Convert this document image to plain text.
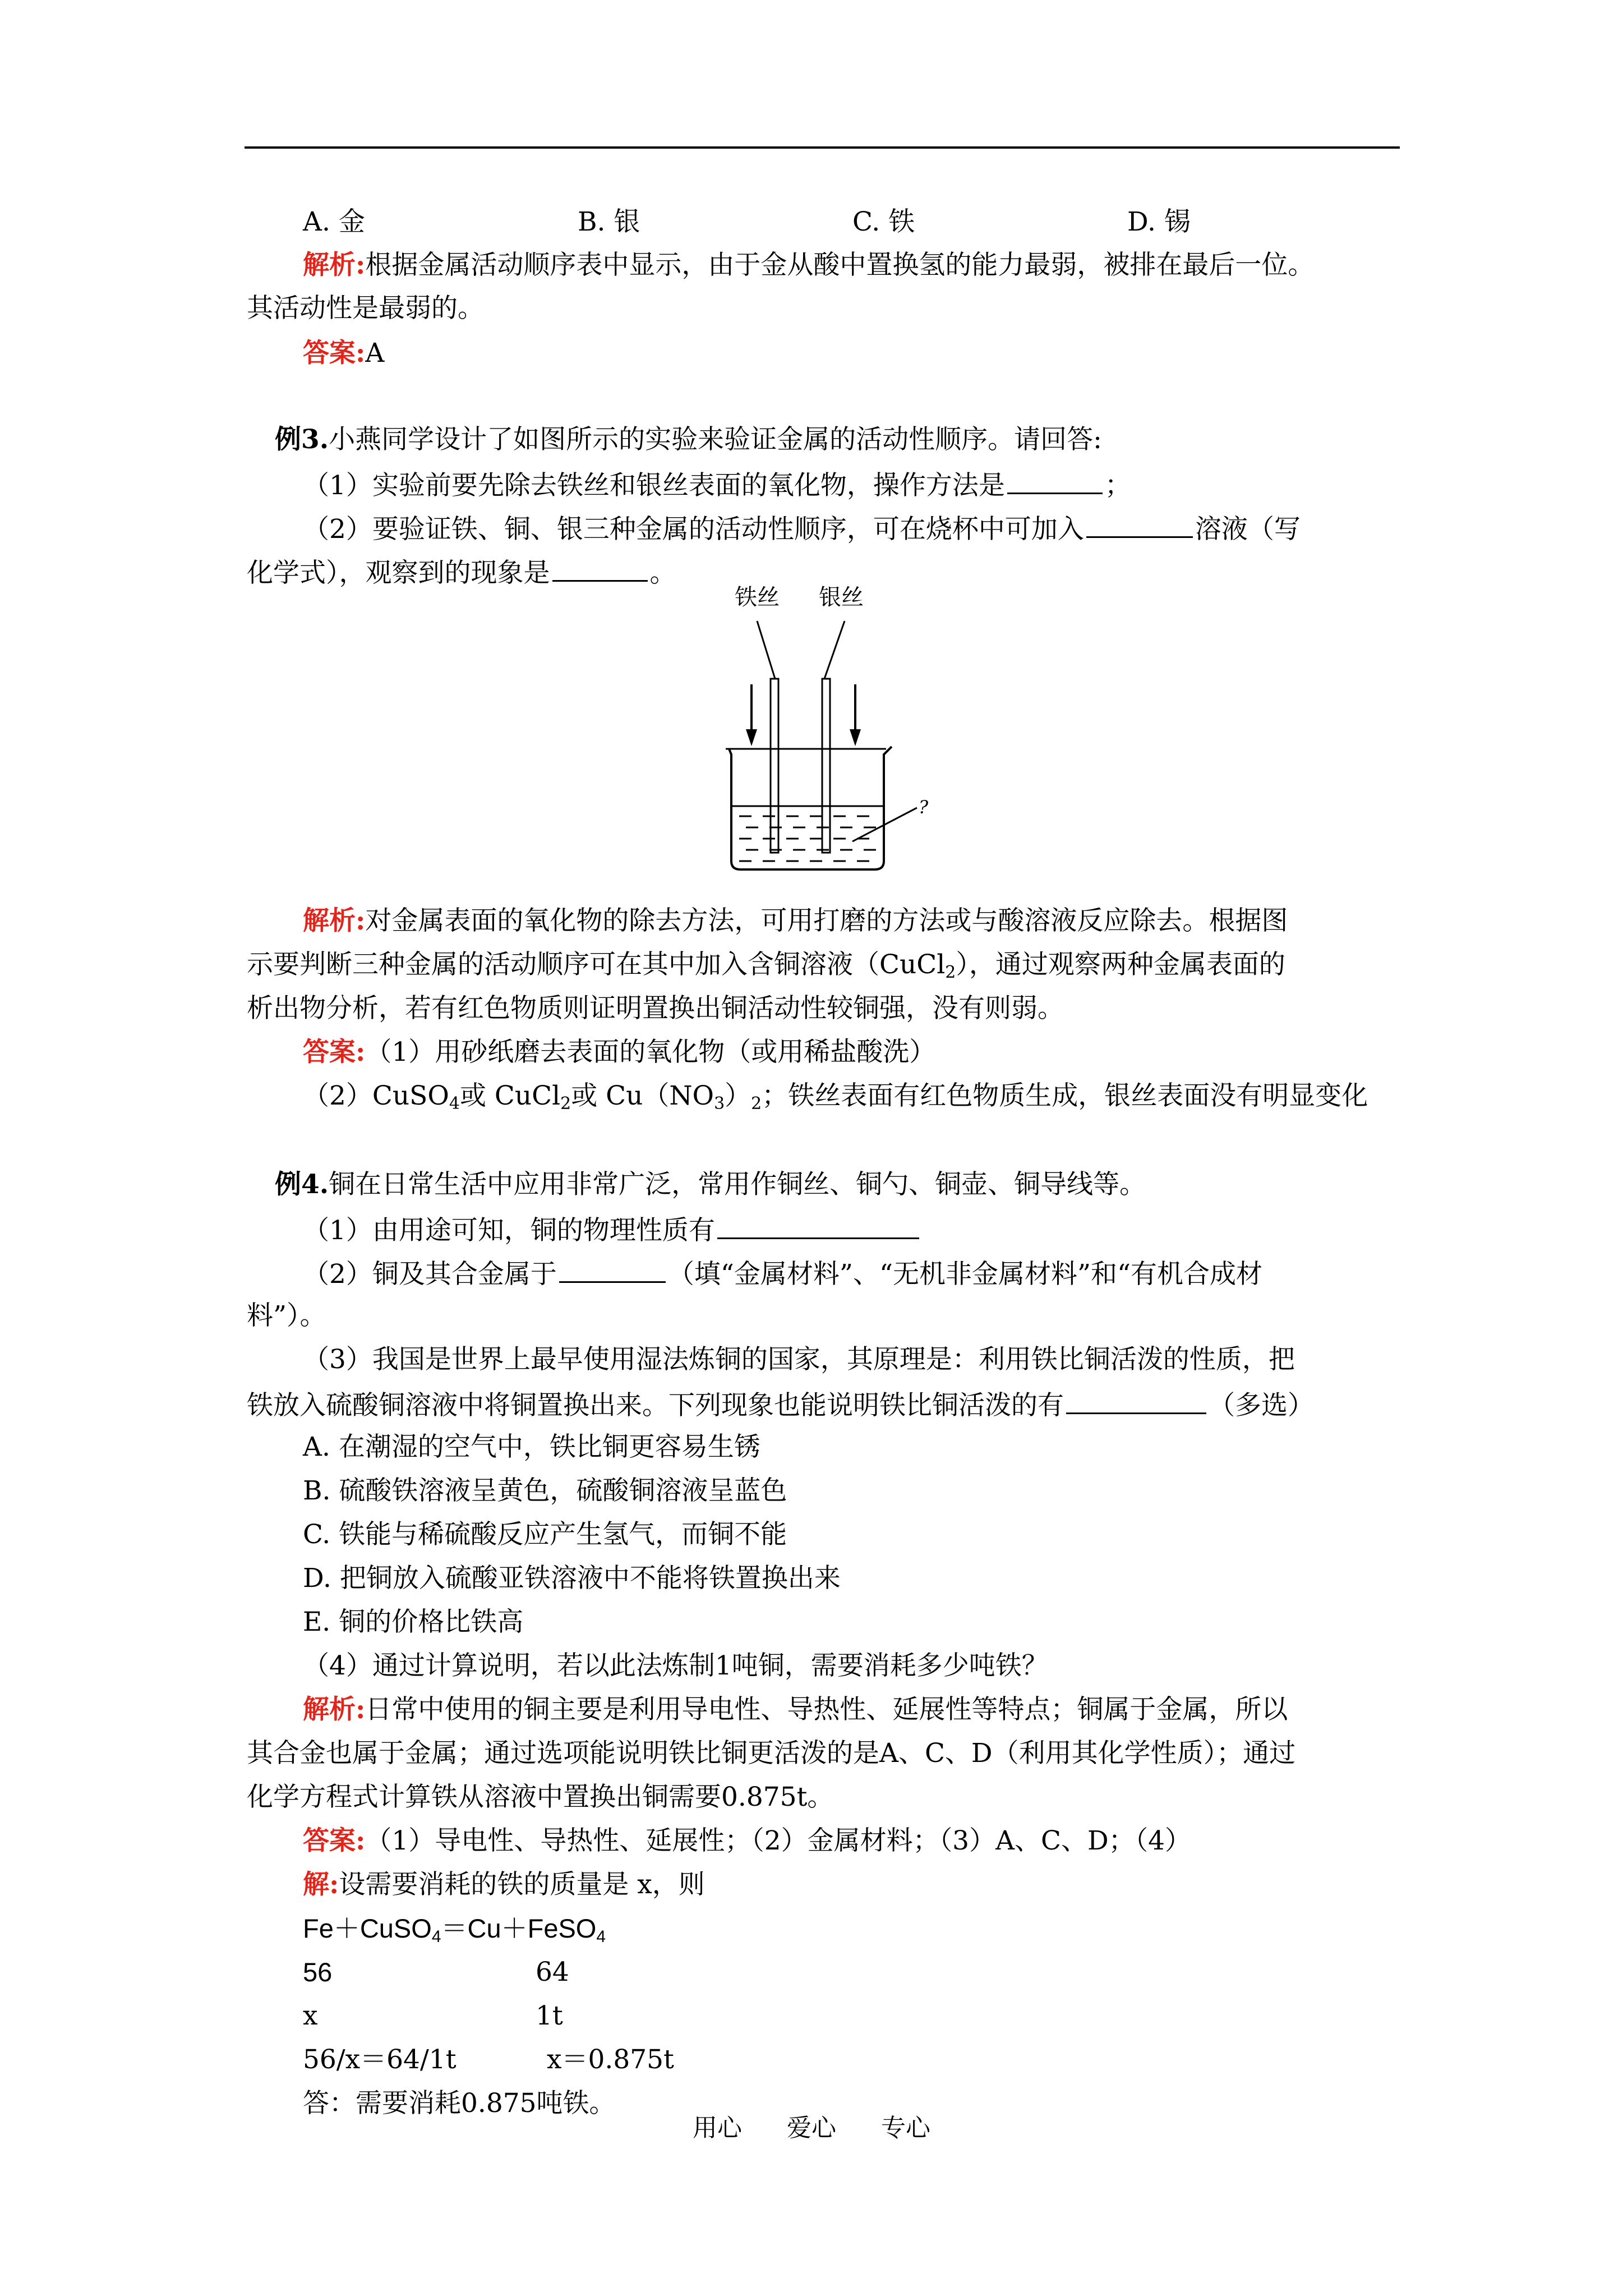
A. 金	B. 银	C. 铁	D. 锡
解析:根据金属活动顺序表中显示，由于金从酸中置换氢的能力最弱，被排在最后一位。
其活动性是最弱的。
答案:A
例3.小燕同学设计了如图所示的实验来验证金属的活动性顺序。请回答:
（1）实验前要先除去铁丝和银丝表面的氧化物，操作方法是	；
（2）要验证铁、铜、银三种金属的活动性顺序，可在烧杯中可加入	溶液（写
化学式），观察到的现象是	。
铁丝 银丝
?
解析:对金属表面的氧化物的除去方法，可用打磨的方法或与酸溶液反应除去。根据图
示要判断三种金属的活动顺序可在其中加入含铜溶液（CuCl$_2$），通过观察两种金属表面的
析出物分析，若有红色物质则证明置换出铜活动性较铜强，没有则弱。
答案:（1）用砂纸磨去表面的氧化物（或用稀盐酸洗）
（2）CuSO$_4$或 CuCl$_2$或 $Cu(NO_3)_2$；铁丝表面有红色物质生成，银丝表面没有明显变化
例4.铜在日常生活中应用非常广泛，常用作铜丝、铜勺、铜壶、铜导线等。
（1）由用途可知，铜的物理性质有
（2）铜及其合金属于	（填“金属材料”、“无机非金属材料”和“有机合成材
料”）。
（3）我国是世界上最早使用湿法炼铜的国家，其原理是：利用铁比铜活泼的性质，把
铁放入硫酸铜溶液中将铜置换出来。下列现象也能说明铁比铜活泼的有	（多选）
A. 在潮湿的空气中，铁比铜更容易生锈
B. 硫酸铁溶液呈黄色，硫酸铜溶液呈蓝色
C. 铁能与稀硫酸反应产生氢气，而铜不能
D. 把铜放入硫酸亚铁溶液中不能将铁置换出来
E. 铜的价格比铁高
（4）通过计算说明，若以此法炼制1吨铜，需要消耗多少吨铁？
解析:日常中使用的铜主要是利用导电性、导热性、延展性等特点；铜属于金属，所以
其合金也属于金属；通过选项能说明铁比铜更活泼的是A、C、D（利用其化学性质）；通过
化学方程式计算铁从溶液中置换出铜需要0.875t。
答案:（1）导电性、导热性、延展性；（2）金属材料；（3）A、C、D；（4）
解:设需要消耗的铁的质量是 x，则
Fe＋CuSO$_4$＝Cu＋FeSO$_4$
56	64
x	1t
56/x＝64/1t	x＝0.875t
答：需要消耗0.875吨铁。
用心 爱心 专心
